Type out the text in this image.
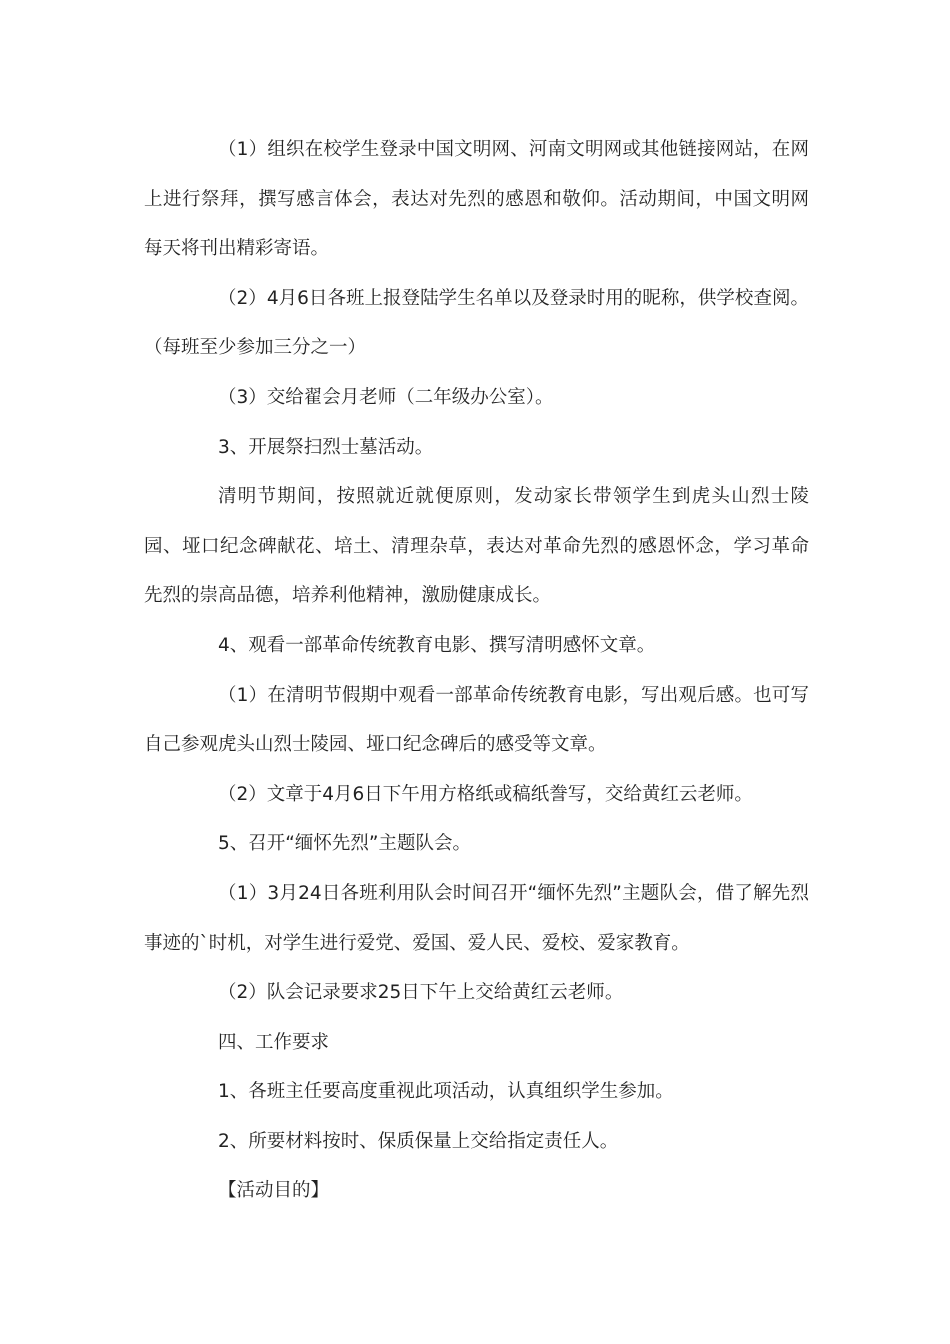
（1）组织在校学生登录中国文明网、河南文明网或其他链接网站，在网上进行祭拜，撰写感言体会，表达对先烈的感恩和敬仰。活动期间，中国文明网每天将刊出精彩寄语。

（2）4月6日各班上报登陆学生名单以及登录时用的昵称，供学校查阅。（每班至少参加三分之一）

（3）交给翟会月老师（二年级办公室）。

3、开展祭扫烈士墓活动。

清明节期间，按照就近就便原则，发动家长带领学生到虎头山烈士陵园、垭口纪念碑献花、培土、清理杂草，表达对革命先烈的感恩怀念，学习革命先烈的崇高品德，培养利他精神，激励健康成长。

4、观看一部革命传统教育电影、撰写清明感怀文章。

（1）在清明节假期中观看一部革命传统教育电影，写出观后感。也可写自己参观虎头山烈士陵园、垭口纪念碑后的感受等文章。

（2）文章于4月6日下午用方格纸或稿纸誊写，交给黄红云老师。

5、召开“缅怀先烈”主题队会。

（1）3月24日各班利用队会时间召开“缅怀先烈”主题队会，借了解先烈事迹的`时机，对学生进行爱党、爱国、爱人民、爱校、爱家教育。

（2）队会记录要求25日下午上交给黄红云老师。

四、工作要求

1、各班主任要高度重视此项活动，认真组织学生参加。

2、所要材料按时、保质保量上交给指定责任人。

【活动目的】
